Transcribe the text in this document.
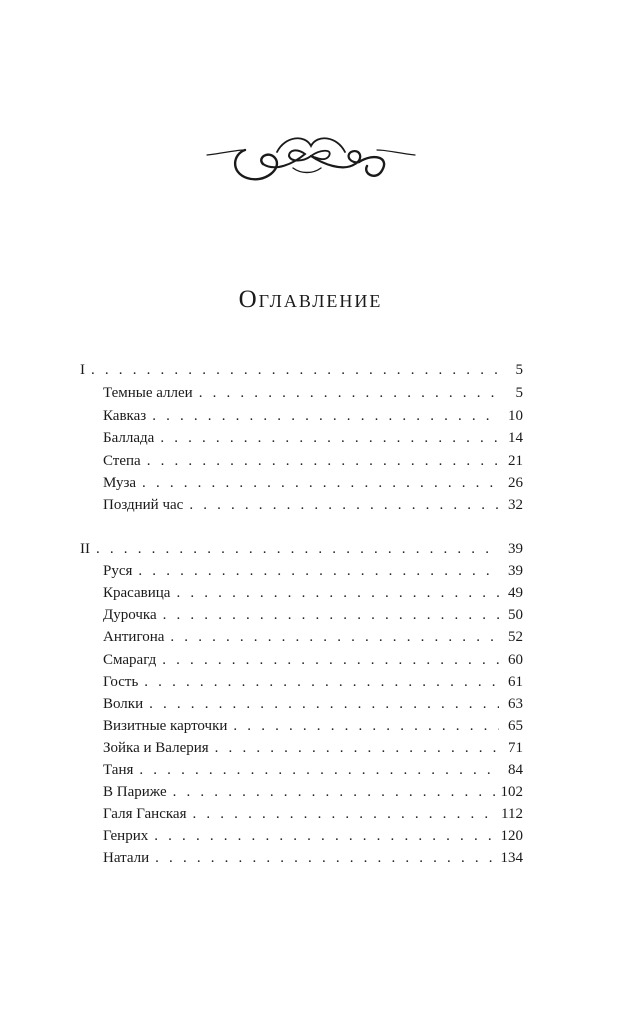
Оглавление
I . . .	5
Темные аллеи . . .	5
Кавказ . . .	10
Баллада . . .	14
Степа . . .	21
Муза . . .	26
Поздний час . . .	32
II . . .	39
Руся . . .	39
Красавица . . .	49
Дурочка . . .	50
Антигона . . .	52
Смарагд . . .	60
Гость . . .	61
Волки . . .	63
Визитные карточки . . .	65
Зойка и Валерия . . .	71
Таня . . .	84
В Париже . . .	102
Галя Ганская . . .	112
Генрих . . .	120
Натали . . .	134
